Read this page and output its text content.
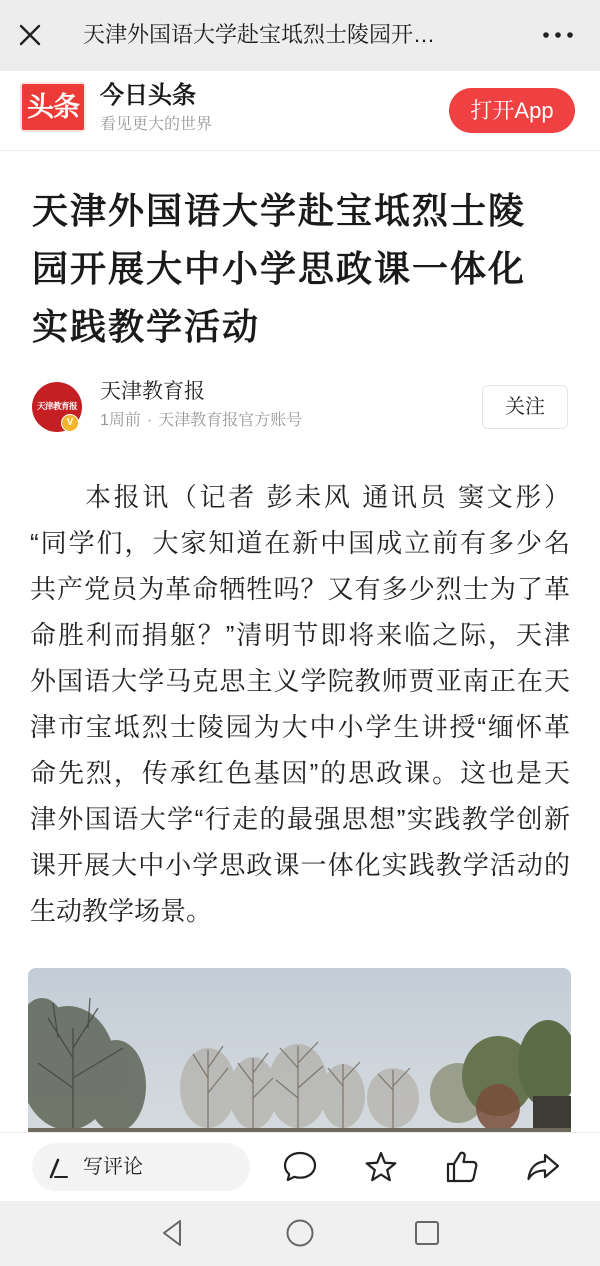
天津外国语大学赴宝坻烈士陵园开…
头条 今日头条
看见更大的世界
打开App
天津外国语大学赴宝坻烈士陵园开展大中小学思政课一体化实践教学活动
天津教育报
V
天津教育报
1周前 · 天津教育报官方账号
关注
本报讯（记者 彭未风 通讯员 窦文彤）
“同学们，大家知道在新中国成立前有多少名
共产党员为革命牺牲吗？又有多少烈士为了革
命胜利而捐躯？”清明节即将来临之际，天津
外国语大学马克思主义学院教师贾亚南正在天
津市宝坻烈士陵园为大中小学生讲授“缅怀革
命先烈，传承红色基因”的思政课。这也是天
津外国语大学“行走的最强思想”实践教学创新
课开展大中小学思政课一体化实践教学活动的
生动教学场景。
写评论
